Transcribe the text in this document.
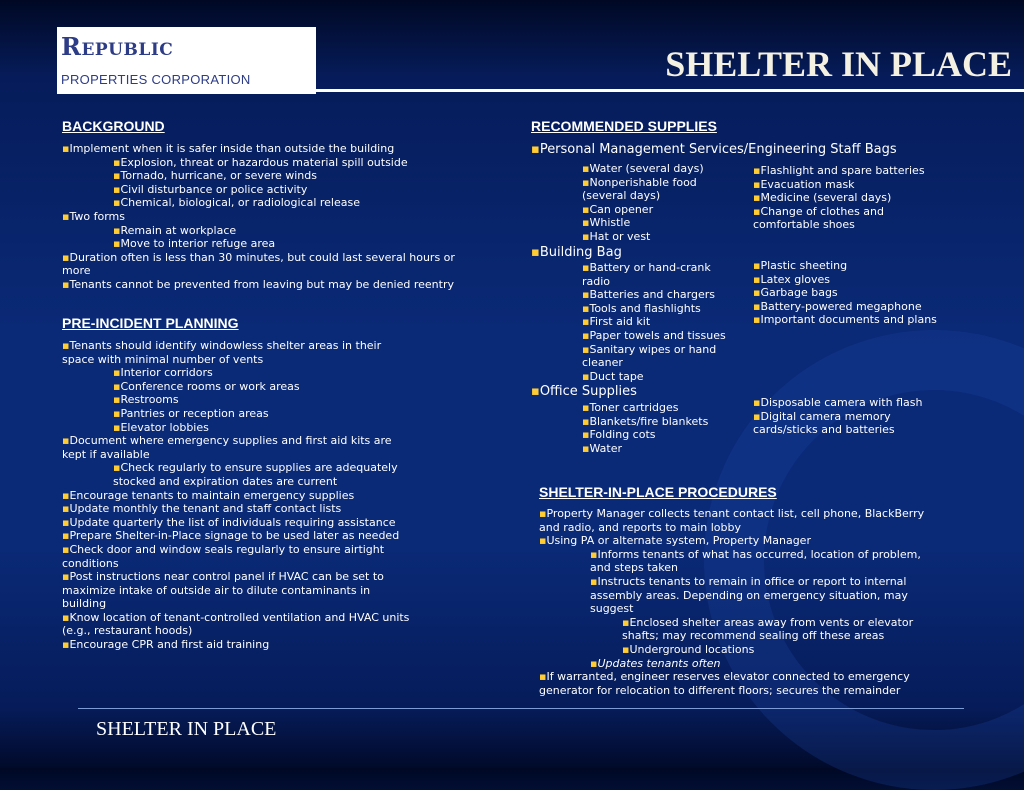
Republic
PROPERTIES CORPORATION	SHELTER IN PLACE
BACKGROUND
▪ Implement when it is safer inside than outside the building
▪ Explosion, threat or hazardous material spill outside
▪ Tornado, hurricane, or severe winds
▪ Civil disturbance or police activity
▪ Chemical, biological, or radiological release
▪ Two forms
▪ Remain at workplace
▪ Move to interior refuge area
▪ Duration often is less than 30 minutes, but could last several hours or more
▪ Tenants cannot be prevented from leaving but may be denied reentry
PRE-INCIDENT PLANNING
▪ Tenants should identify windowless shelter areas in their space with minimal number of vents
▪ Interior corridors
▪ Conference rooms or work areas
▪ Restrooms
▪ Pantries or reception areas
▪ Elevator lobbies
▪ Document where emergency supplies and first aid kits are kept if available
▪ Check regularly to ensure supplies are adequately stocked and expiration dates are current
▪ Encourage tenants to maintain emergency supplies
▪ Update monthly the tenant and staff contact lists
▪ Update quarterly the list of individuals requiring assistance
▪ Prepare Shelter-in-Place signage to be used later as needed
▪ Check door and window seals regularly to ensure airtight conditions
▪ Post instructions near control panel if HVAC can be set to maximize intake of outside air to dilute contaminants in building
▪ Know location of tenant-controlled ventilation and HVAC units (e.g., restaurant hoods)
▪ Encourage CPR and first aid training
RECOMMENDED SUPPLIES
▪ Personal Management Services/Engineering Staff Bags
▪ Water (several days)
▪ Nonperishable food (several days)
▪ Can opener
▪ Whistle
▪ Hat or vest
▪ Flashlight and spare batteries
▪ Evacuation mask
▪ Medicine (several days)
▪ Change of clothes and comfortable shoes
▪ Building Bag
▪ Battery or hand-crank radio
▪ Batteries and chargers
▪ Tools and flashlights
▪ First aid kit
▪ Paper towels and tissues
▪ Sanitary wipes or hand cleaner
▪ Duct tape
▪ Plastic sheeting
▪ Latex gloves
▪ Garbage bags
▪ Battery-powered megaphone
▪ Important documents and plans
▪ Office Supplies
▪ Toner cartridges
▪ Blankets/fire blankets
▪ Folding cots
▪ Water
▪ Disposable camera with flash
▪ Digital camera memory cards/sticks and batteries
SHELTER-IN-PLACE PROCEDURES
▪ Property Manager collects tenant contact list, cell phone, BlackBerry and radio, and reports to main lobby
▪ Using PA or alternate system, Property Manager
▪ Informs tenants of what has occurred, location of problem, and steps taken
▪ Instructs tenants to remain in office or report to internal assembly areas. Depending on emergency situation, may suggest
▪ Enclosed shelter areas away from vents or elevator shafts; may recommend sealing off these areas
▪ Underground locations
▪ Updates tenants often
▪ If warranted, engineer reserves elevator connected to emergency generator for relocation to different floors; secures the remainder
SHELTER IN PLACE
